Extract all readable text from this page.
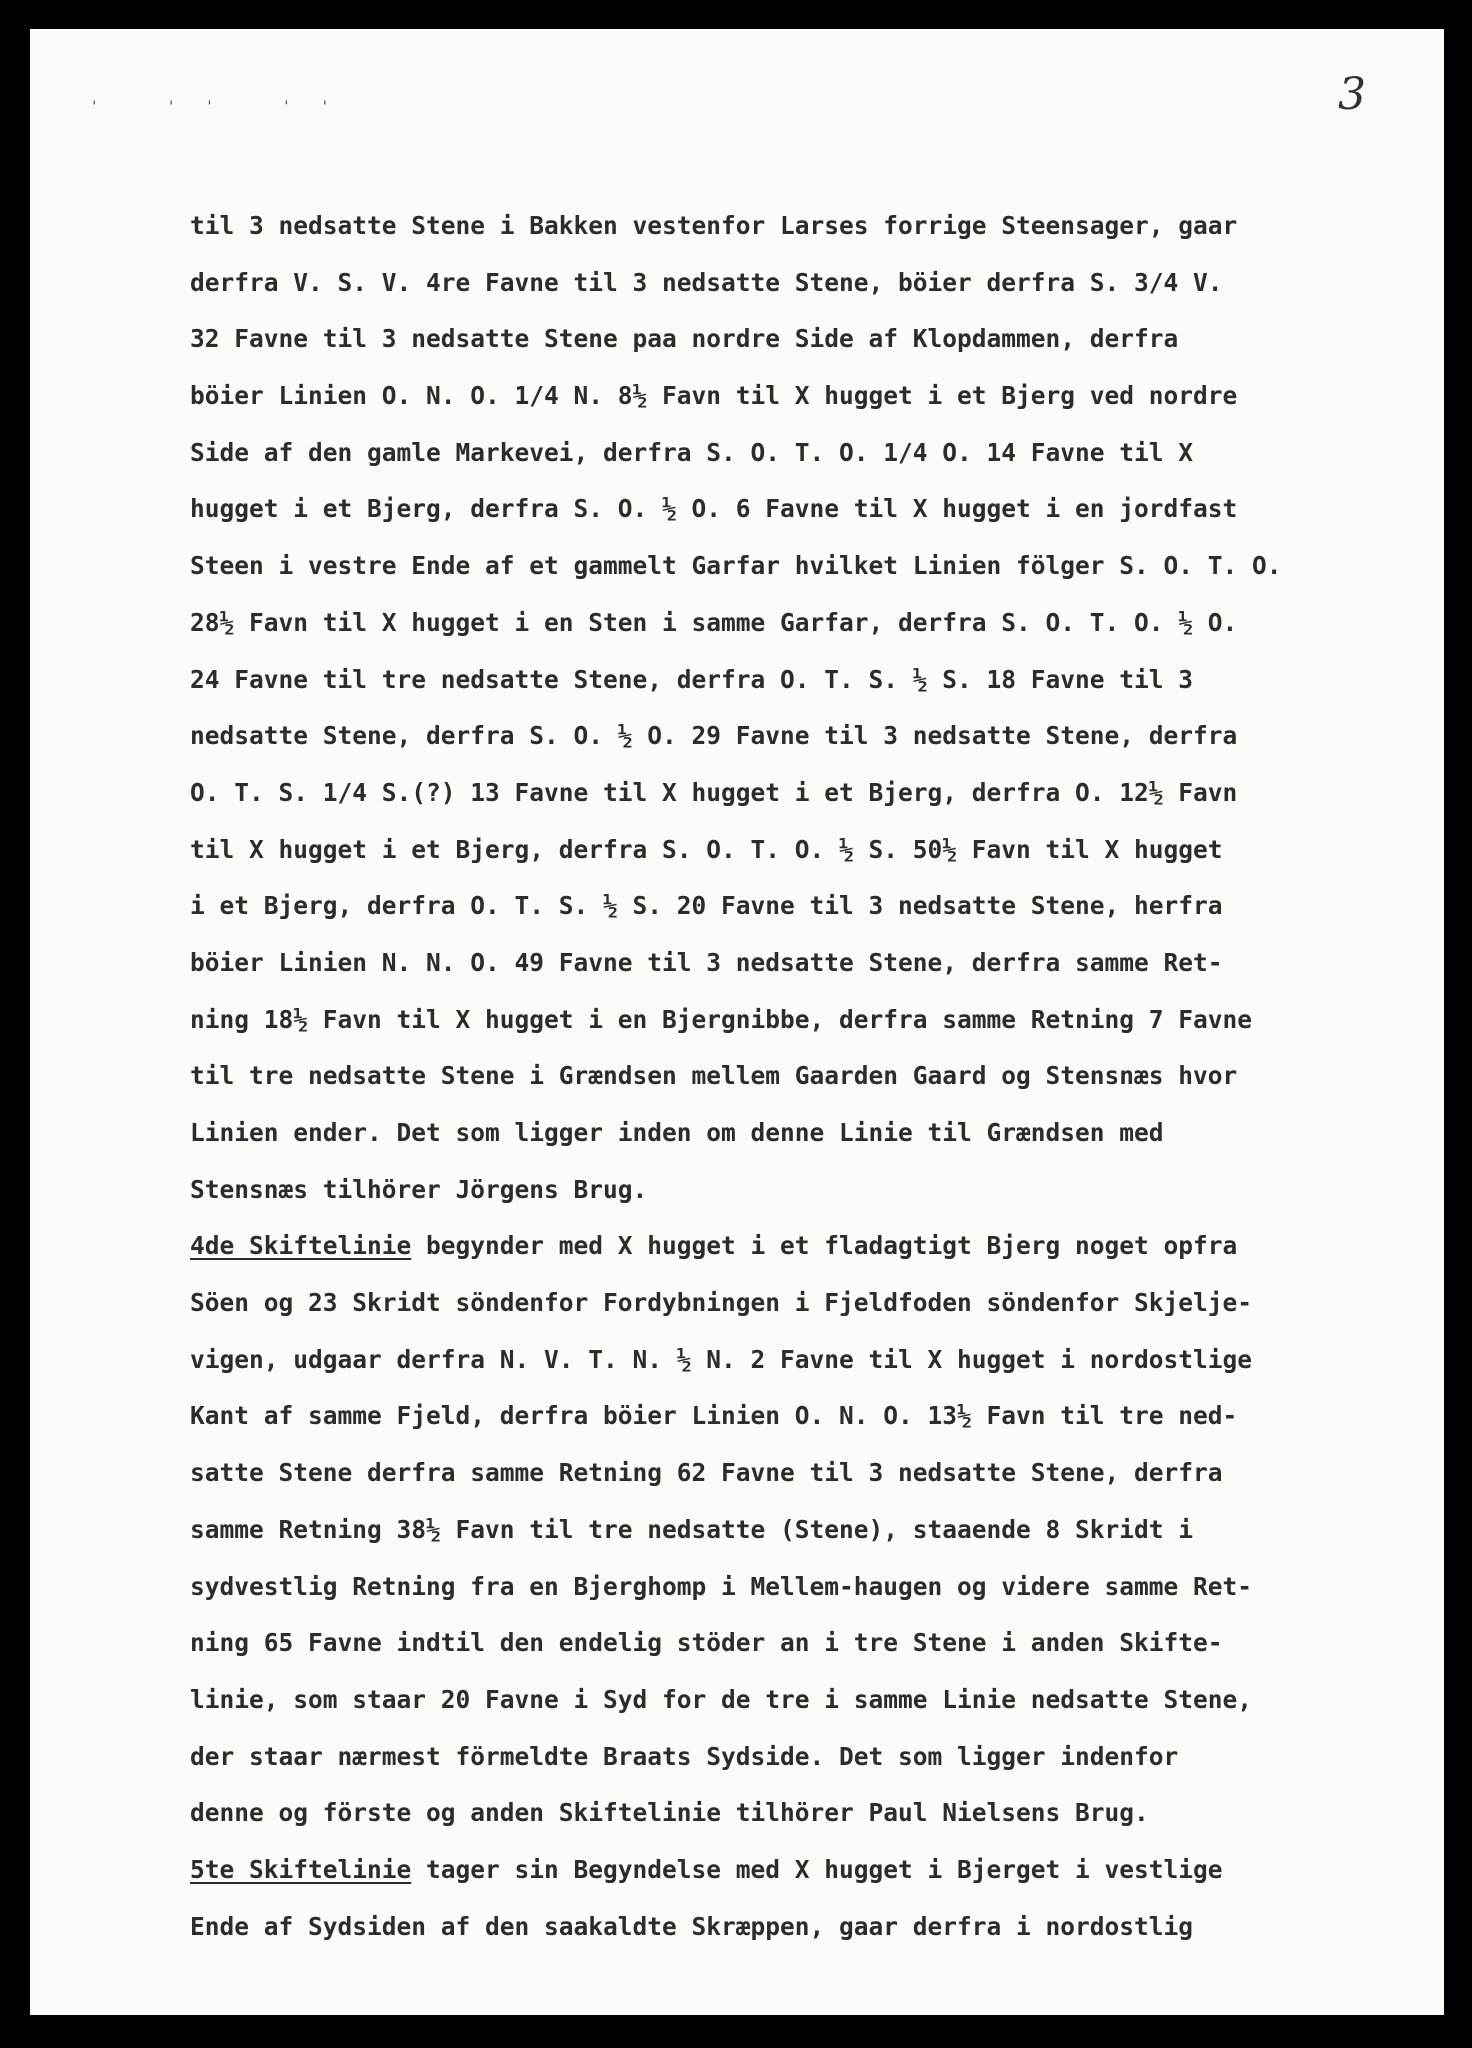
' '' ''	3
til 3 nedsatte Stene i Bakken vestenfor Larses forrige Steensager, gaar
derfra V. S. V. 4re Favne til 3 nedsatte Stene, böier derfra S. 3/4 V.
32 Favne til 3 nedsatte Stene paa nordre Side af Klopdammen, derfra
böier Linien O. N. O. 1/4 N. 8½ Favn til X hugget i et Bjerg ved nordre
Side af den gamle Markevei, derfra S. O. T. O. 1/4 O. 14 Favne til X
hugget i et Bjerg, derfra S. O. ½ O. 6 Favne til X hugget i en jordfast
Steen i vestre Ende af et gammelt Garfar hvilket Linien fölger S. O. T. O.
28½ Favn til X hugget i en Sten i samme Garfar, derfra S. O. T. O. ½ O.
24 Favne til tre nedsatte Stene, derfra O. T. S. ½ S. 18 Favne til 3
nedsatte Stene, derfra S. O. ½ O. 29 Favne til 3 nedsatte Stene, derfra
O. T. S. 1/4 S.(?) 13 Favne til X hugget i et Bjerg, derfra O. 12½ Favn
til X hugget i et Bjerg, derfra S. O. T. O. ½ S. 50½ Favn til X hugget
i et Bjerg, derfra O. T. S. ½ S. 20 Favne til 3 nedsatte Stene, herfra
böier Linien N. N. O. 49 Favne til 3 nedsatte Stene, derfra samme Ret-
ning 18½ Favn til X hugget i en Bjergnibbe, derfra samme Retning 7 Favne
til tre nedsatte Stene i Grændsen mellem Gaarden Gaard og Stensnæs hvor
Linien ender. Det som ligger inden om denne Linie til Grændsen med
Stensnæs tilhörer Jörgens Brug.
4de Skiftelinie begynder med X hugget i et fladagtigt Bjerg noget opfra
Söen og 23 Skridt söndenfor Fordybningen i Fjeldfoden söndenfor Skjelje-
vigen, udgaar derfra N. V. T. N. ½ N. 2 Favne til X hugget i nordostlige
Kant af samme Fjeld, derfra böier Linien O. N. O. 13½ Favn til tre ned-
satte Stene derfra samme Retning 62 Favne til 3 nedsatte Stene, derfra
samme Retning 38½ Favn til tre nedsatte (Stene), staaende 8 Skridt i
sydvestlig Retning fra en Bjerghomp i Mellem-haugen og videre samme Ret-
ning 65 Favne indtil den endelig stöder an i tre Stene i anden Skifte-
linie, som staar 20 Favne i Syd for de tre i samme Linie nedsatte Stene,
der staar nærmest förmeldte Braats Sydside. Det som ligger indenfor
denne og förste og anden Skiftelinie tilhörer Paul Nielsens Brug.
5te Skiftelinie tager sin Begyndelse med X hugget i Bjerget i vestlige
Ende af Sydsiden af den saakaldte Skræppen, gaar derfra i nordostlig
